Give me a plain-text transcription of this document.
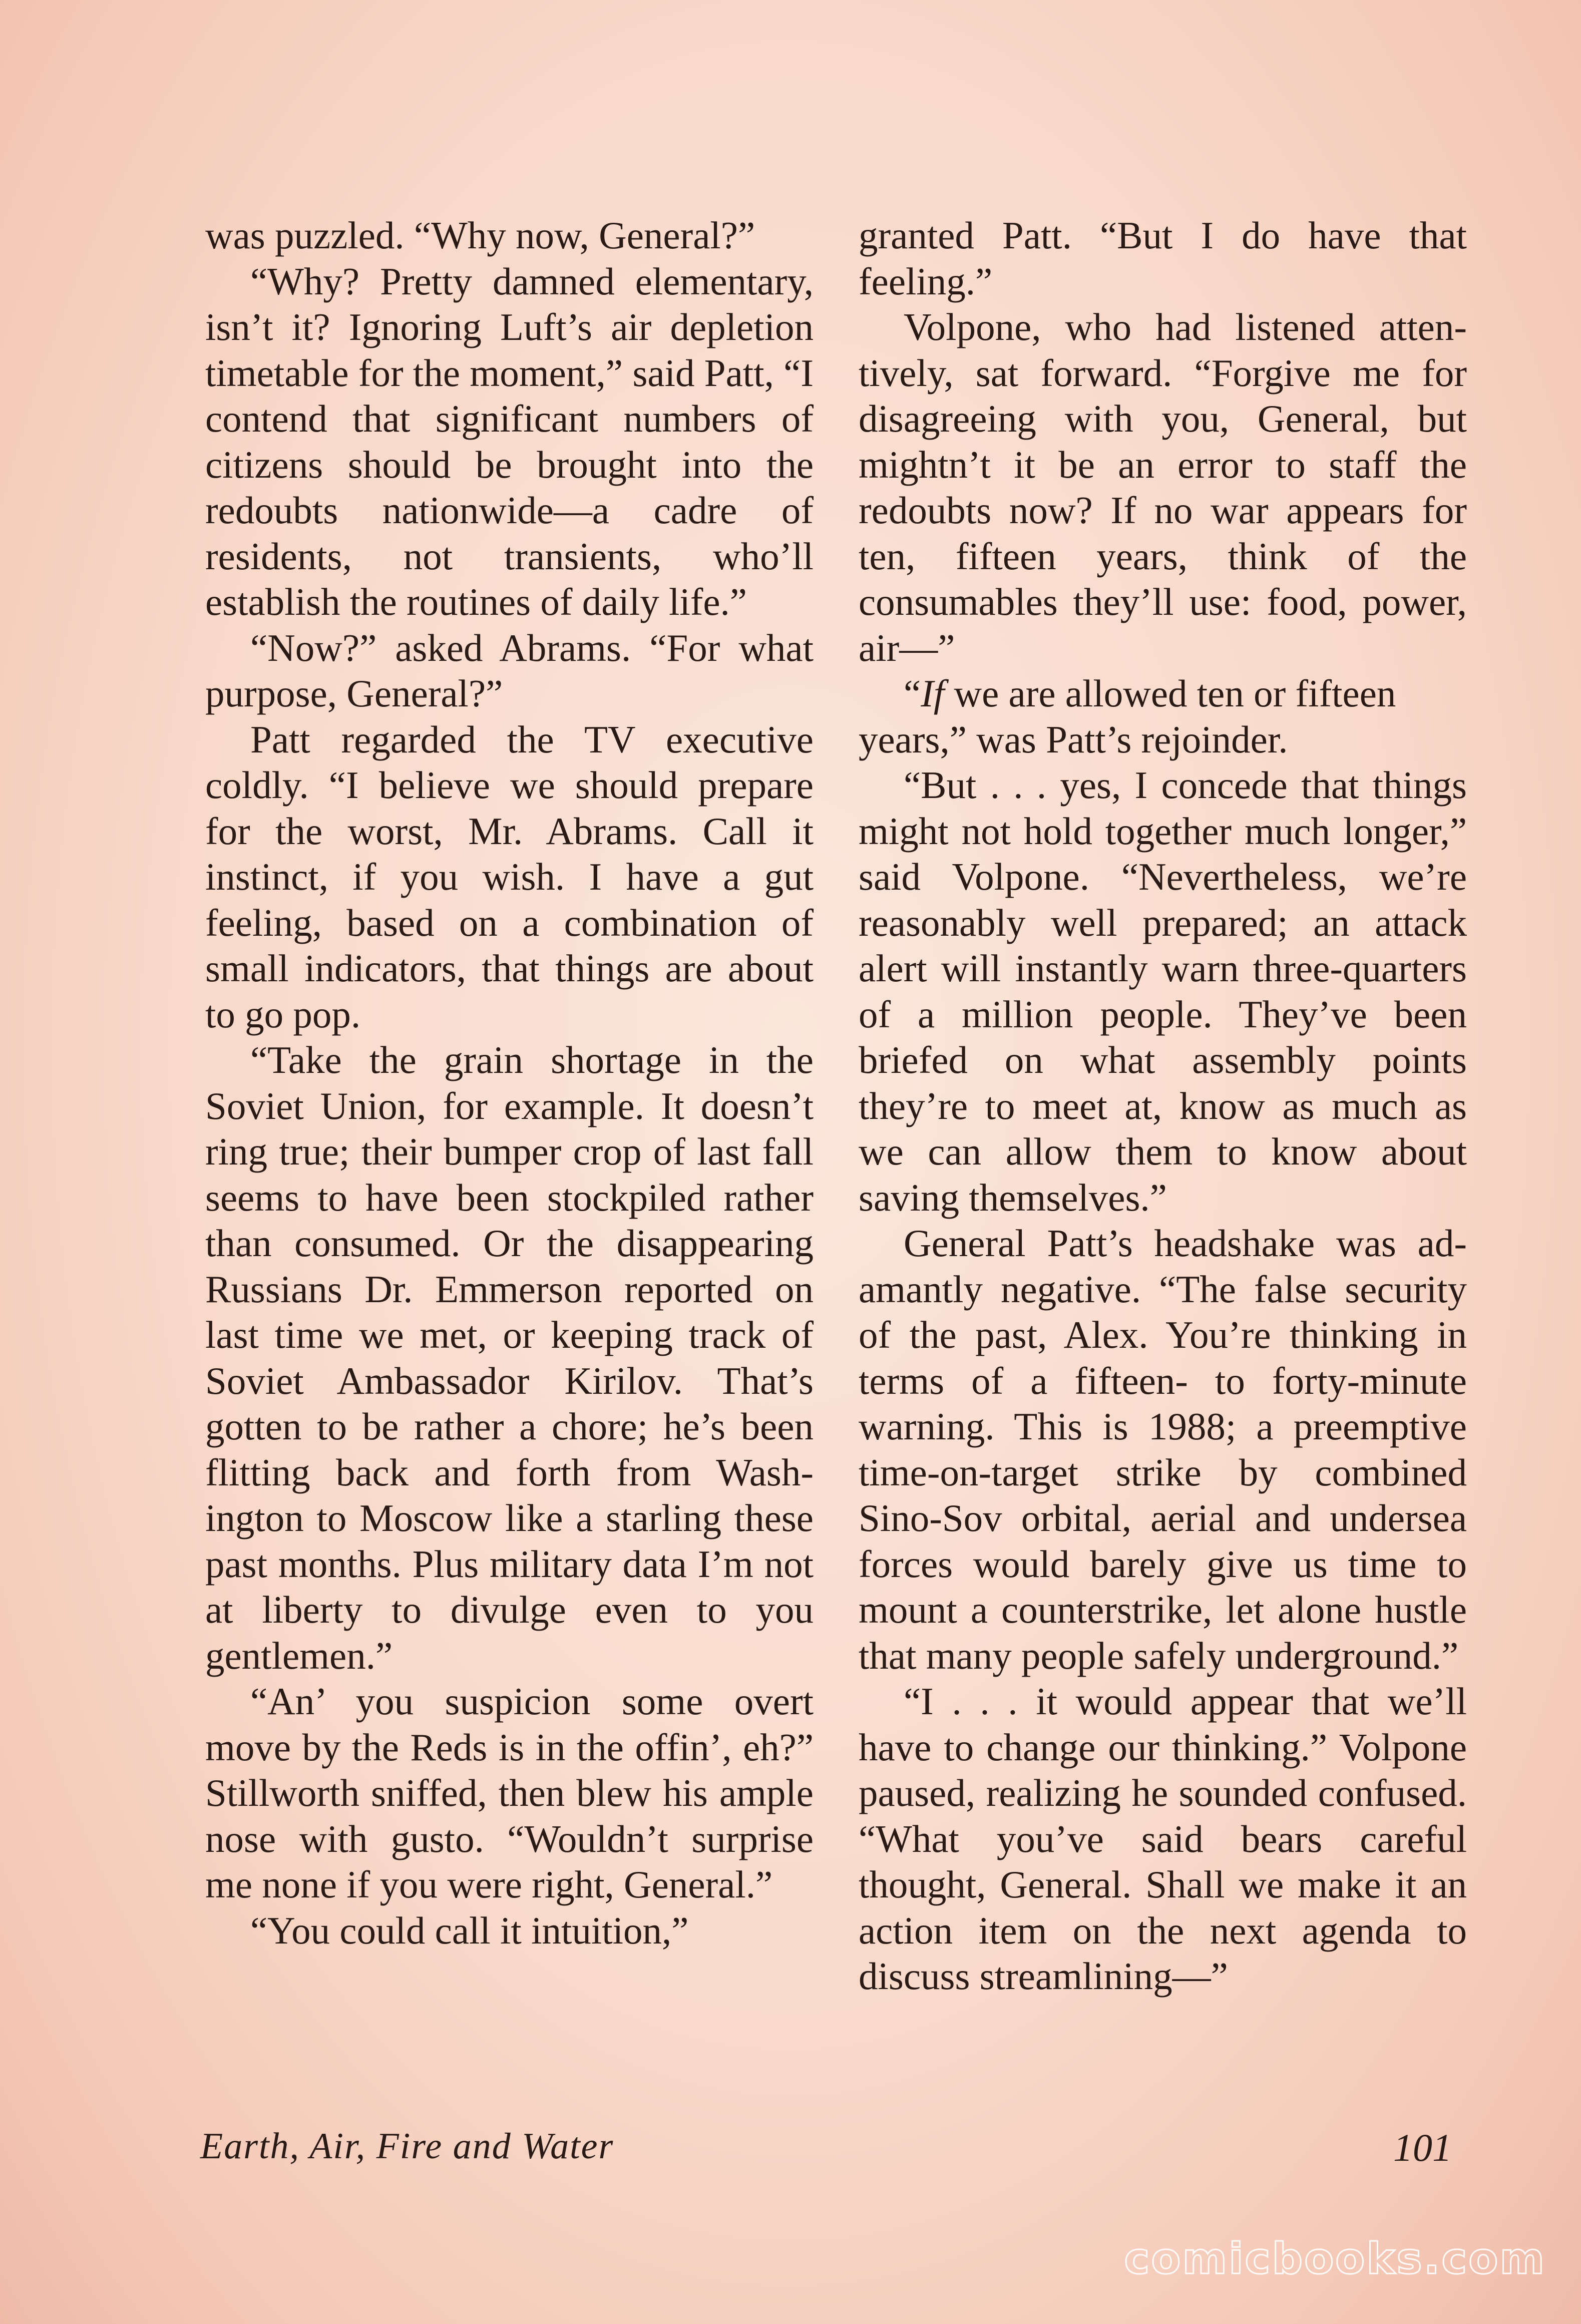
was puzzled. “Why now, General?”

“Why? Pretty damned elementary, isn’t it? Ignoring Luft’s air depletion timetable for the moment,” said Patt, “I contend that significant numbers of citizens should be brought into the redoubts nationwide—a cadre of residents, not transients, who’ll establish the routines of daily life.”

“Now?” asked Abrams. “For what purpose, General?”

Patt regarded the TV executive coldly. “I believe we should prepare for the worst, Mr. Abrams. Call it instinct, if you wish. I have a gut feeling, based on a combination of small indicators, that things are about to go pop.

“Take the grain shortage in the Soviet Union, for example. It doesn’t ring true; their bumper crop of last fall seems to have been stockpiled rather than consumed. Or the disappearing Russians Dr. Emmerson reported on last time we met, or keeping track of Soviet Ambassador Kirilov. That’s gotten to be rather a chore; he’s been flitting back and forth from Washington to Moscow like a starling these past months. Plus military data I’m not at liberty to divulge even to you gentlemen.”

“An’ you suspicion some overt move by the Reds is in the offin’, eh?” Stillworth sniffed, then blew his ample nose with gusto. “Wouldn’t surprise me none if you were right, General.”

“You could call it intuition,”

granted Patt. “But I do have that feeling.”

Volpone, who had listened attentively, sat forward. “Forgive me for disagreeing with you, General, but mightn’t it be an error to staff the redoubts now? If no war appears for ten, fifteen years, think of the consumables they’ll use: food, power, air—”

“If we are allowed ten or fifteen
years,” was Patt’s rejoinder.

“But . . . yes, I concede that things might not hold together much longer,” said Volpone. “Nevertheless, we’re reasonably well prepared; an attack alert will instantly warn three-quarters of a million people. They’ve been briefed on what assembly points they’re to meet at, know as much as we can allow them to know about saving themselves.”

General Patt’s headshake was adamantly negative. “The false security of the past, Alex. You’re thinking in terms of a fifteen- to forty-minute warning. This is 1988; a preemptive time-on-target strike by combined Sino-Sov orbital, aerial and undersea forces would barely give us time to mount a counterstrike, let alone hustle that many people safely underground.”

“I . . . it would appear that we’ll have to change our thinking.” Volpone paused, realizing he sounded confused. “What you’ve said bears careful thought, General. Shall we make it an action item on the next agenda to discuss streamlining—”

Earth, Air, Fire and Water	101
comicbooks.com
